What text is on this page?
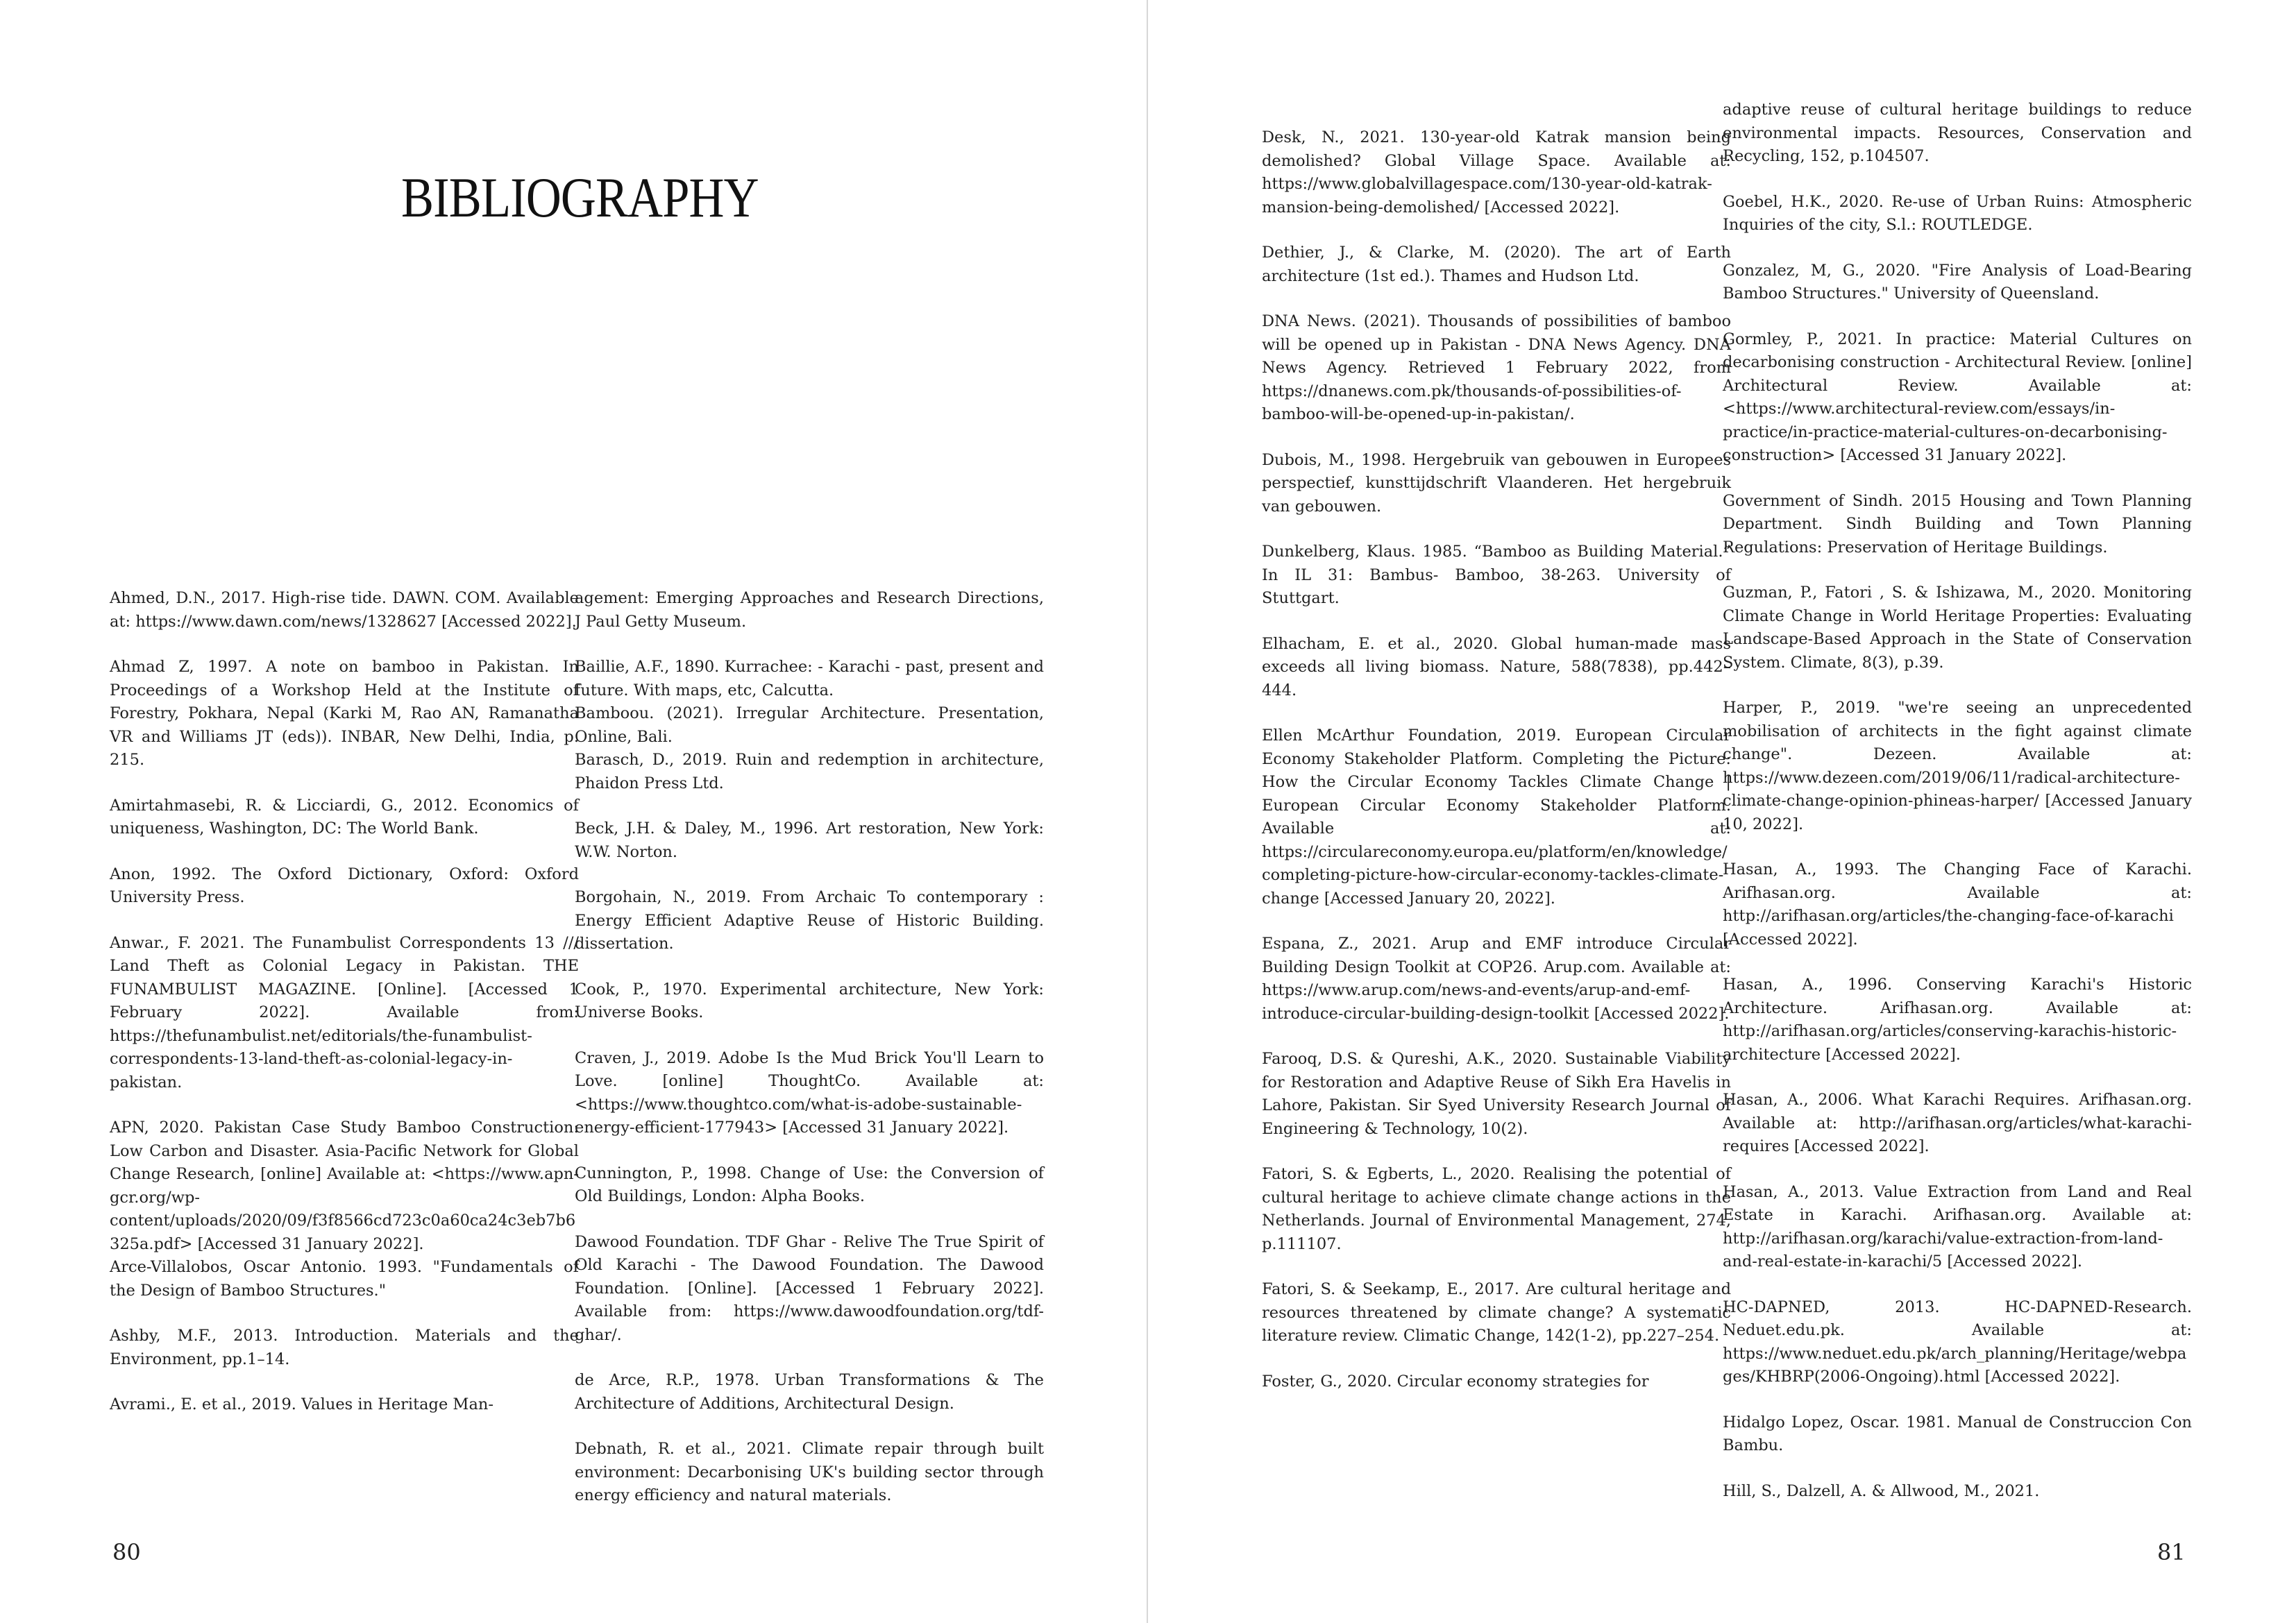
BIBLIOGRAPHY

Ahmed, D.N., 2017. High-rise tide. DAWN. COM. Available at: https://www.dawn.com/news/1328627 [Accessed 2022].

Ahmad Z, 1997. A note on bamboo in Pakistan. In Proceedings of a Workshop Held at the Institute of Forestry, Pokhara, Nepal (Karki M, Rao AN, Ramanatha VR and Williams JT (eds)). INBAR, New Delhi, India, p. 215.

Amirtahmasebi, R. & Licciardi, G., 2012. Economics of uniqueness, Washington, DC: The World Bank.

Anon, 1992. The Oxford Dictionary, Oxford: Oxford University Press.

Anwar., F. 2021. The Funambulist Correspondents 13 /// Land Theft as Colonial Legacy in Pakistan. THE FUNAMBULIST MAGAZINE. [Online]. [Accessed 1 February 2022]. Available from: https://thefunambulist.net/editorials/the-funambulist-correspondents-13-land-theft-as-colonial-legacy-in-pakistan.

APN, 2020. Pakistan Case Study Bamboo Construction: Low Carbon and Disaster. Asia-Pacific Network for Global Change Research, [online] Available at: <https://www.apn-gcr.org/wp-content/uploads/2020/09/f3f8566cd723c0a60ca24c3eb7b6325a.pdf> [Accessed 31 January 2022].

Arce-Villalobos, Oscar Antonio. 1993. "Fundamentals of the Design of Bamboo Structures."

Ashby, M.F., 2013. Introduction. Materials and the Environment, pp.1–14.

Avrami., E. et al., 2019. Values in Heritage Man-

agement: Emerging Approaches and Research Directions, J Paul Getty Museum.

Baillie, A.F., 1890. Kurrachee: - Karachi - past, present and future. With maps, etc, Calcutta.

Bamboou. (2021). Irregular Architecture. Presentation, Online, Bali.

Barasch, D., 2019. Ruin and redemption in architecture, Phaidon Press Ltd.

Beck, J.H. & Daley, M., 1996. Art restoration, New York: W.W. Norton.

Borgohain, N., 2019. From Archaic To contemporary : Energy Efficient Adaptive Reuse of Historic Building. dissertation.

Cook, P., 1970. Experimental architecture, New York: Universe Books.

Craven, J., 2019. Adobe Is the Mud Brick You'll Learn to Love. [online] ThoughtCo. Available at: <https://www.thoughtco.com/what-is-adobe-sustainable-energy-efficient-177943> [Accessed 31 January 2022].

Cunnington, P., 1998. Change of Use: the Conversion of Old Buildings, London: Alpha Books.

Dawood Foundation. TDF Ghar - Relive The True Spirit of Old Karachi - The Dawood Foundation. The Dawood Foundation. [Online]. [Accessed 1 February 2022]. Available from: https://www.dawoodfoundation.org/tdf-ghar/.

de Arce, R.P., 1978. Urban Transformations & The Architecture of Additions, Architectural Design.

Debnath, R. et al., 2021. Climate repair through built environment: Decarbonising UK's building sector through energy efficiency and natural materials.

80

Desk, N., 2021. 130-year-old Katrak mansion being demolished? Global Village Space. Available at: https://www.globalvillagespace.com/130-year-old-katrak-mansion-being-demolished/ [Accessed 2022].

Dethier, J., & Clarke, M. (2020). The art of Earth architecture (1st ed.). Thames and Hudson Ltd.

DNA News. (2021). Thousands of possibilities of bamboo will be opened up in Pakistan - DNA News Agency. DNA News Agency. Retrieved 1 February 2022, from https://dnanews.com.pk/thousands-of-possibilities-of-bamboo-will-be-opened-up-in-pakistan/.

Dubois, M., 1998. Hergebruik van gebouwen in Europees perspectief, kunsttijdschrift Vlaanderen. Het hergebruik van gebouwen.

Dunkelberg, Klaus. 1985. “Bamboo as Building Material.” In IL 31: Bambus- Bamboo, 38-263. University of Stuttgart.

Elhacham, E. et al., 2020. Global human-made mass exceeds all living biomass. Nature, 588(7838), pp.442–444.

Ellen McArthur Foundation, 2019. European Circular Economy Stakeholder Platform. Completing the Picture: How the Circular Economy Tackles Climate Change | European Circular Economy Stakeholder Platform. Available at: https://circulareconomy.europa.eu/platform/en/knowledge/completing-picture-how-circular-economy-tackles-climate-change [Accessed January 20, 2022].

Espana, Z., 2021. Arup and EMF introduce Circular Building Design Toolkit at COP26. Arup.com. Available at: https://www.arup.com/news-and-events/arup-and-emf-introduce-circular-building-design-toolkit [Accessed 2022].

Farooq, D.S. & Qureshi, A.K., 2020. Sustainable Viability for Restoration and Adaptive Reuse of Sikh Era Havelis in Lahore, Pakistan. Sir Syed University Research Journal of Engineering & Technology, 10(2).

Fatori, S. & Egberts, L., 2020. Realising the potential of cultural heritage to achieve climate change actions in the Netherlands. Journal of Environmental Management, 274, p.111107.

Fatori, S. & Seekamp, E., 2017. Are cultural heritage and resources threatened by climate change? A systematic literature review. Climatic Change, 142(1-2), pp.227–254.

Foster, G., 2020. Circular economy strategies for

adaptive reuse of cultural heritage buildings to reduce environmental impacts. Resources, Conservation and Recycling, 152, p.104507.

Goebel, H.K., 2020. Re-use of Urban Ruins: Atmospheric Inquiries of the city, S.l.: ROUTLEDGE.

Gonzalez, M, G., 2020. "Fire Analysis of Load-Bearing Bamboo Structures." University of Queensland.

Gormley, P., 2021. In practice: Material Cultures on decarbonising construction - Architectural Review. [online] Architectural Review. Available at: <https://www.architectural-review.com/essays/in-practice/in-practice-material-cultures-on-decarbonising-construction> [Accessed 31 January 2022].

Government of Sindh. 2015 Housing and Town Planning Department. Sindh Building and Town Planning Regulations: Preservation of Heritage Buildings.

Guzman, P., Fatori , S. & Ishizawa, M., 2020. Monitoring Climate Change in World Heritage Properties: Evaluating Landscape-Based Approach in the State of Conservation System. Climate, 8(3), p.39.

Harper, P., 2019. "we're seeing an unprecedented mobilisation of architects in the fight against climate change". Dezeen. Available at: https://www.dezeen.com/2019/06/11/radical-architecture-climate-change-opinion-phineas-harper/ [Accessed January 10, 2022].

Hasan, A., 1993. The Changing Face of Karachi. Arifhasan.org. Available at: http://arifhasan.org/articles/the-changing-face-of-karachi [Accessed 2022].

Hasan, A., 1996. Conserving Karachi's Historic Architecture. Arifhasan.org. Available at: http://arifhasan.org/articles/conserving-karachis-historic-architecture [Accessed 2022].

Hasan, A., 2006. What Karachi Requires. Arifhasan.org. Available at: http://arifhasan.org/articles/what-karachi-requires [Accessed 2022].

Hasan, A., 2013. Value Extraction from Land and Real Estate in Karachi. Arifhasan.org. Available at: http://arifhasan.org/karachi/value-extraction-from-land-and-real-estate-in-karachi/5 [Accessed 2022].

HC-DAPNED, 2013. HC-DAPNED-Research. Neduet.edu.pk. Available at: https://www.neduet.edu.pk/arch_planning/Heritage/webpages/KHBRP(2006-Ongoing).html [Accessed 2022].

Hidalgo Lopez, Oscar. 1981. Manual de Construccion Con Bambu.

Hill, S., Dalzell, A. & Allwood, M., 2021.

81
